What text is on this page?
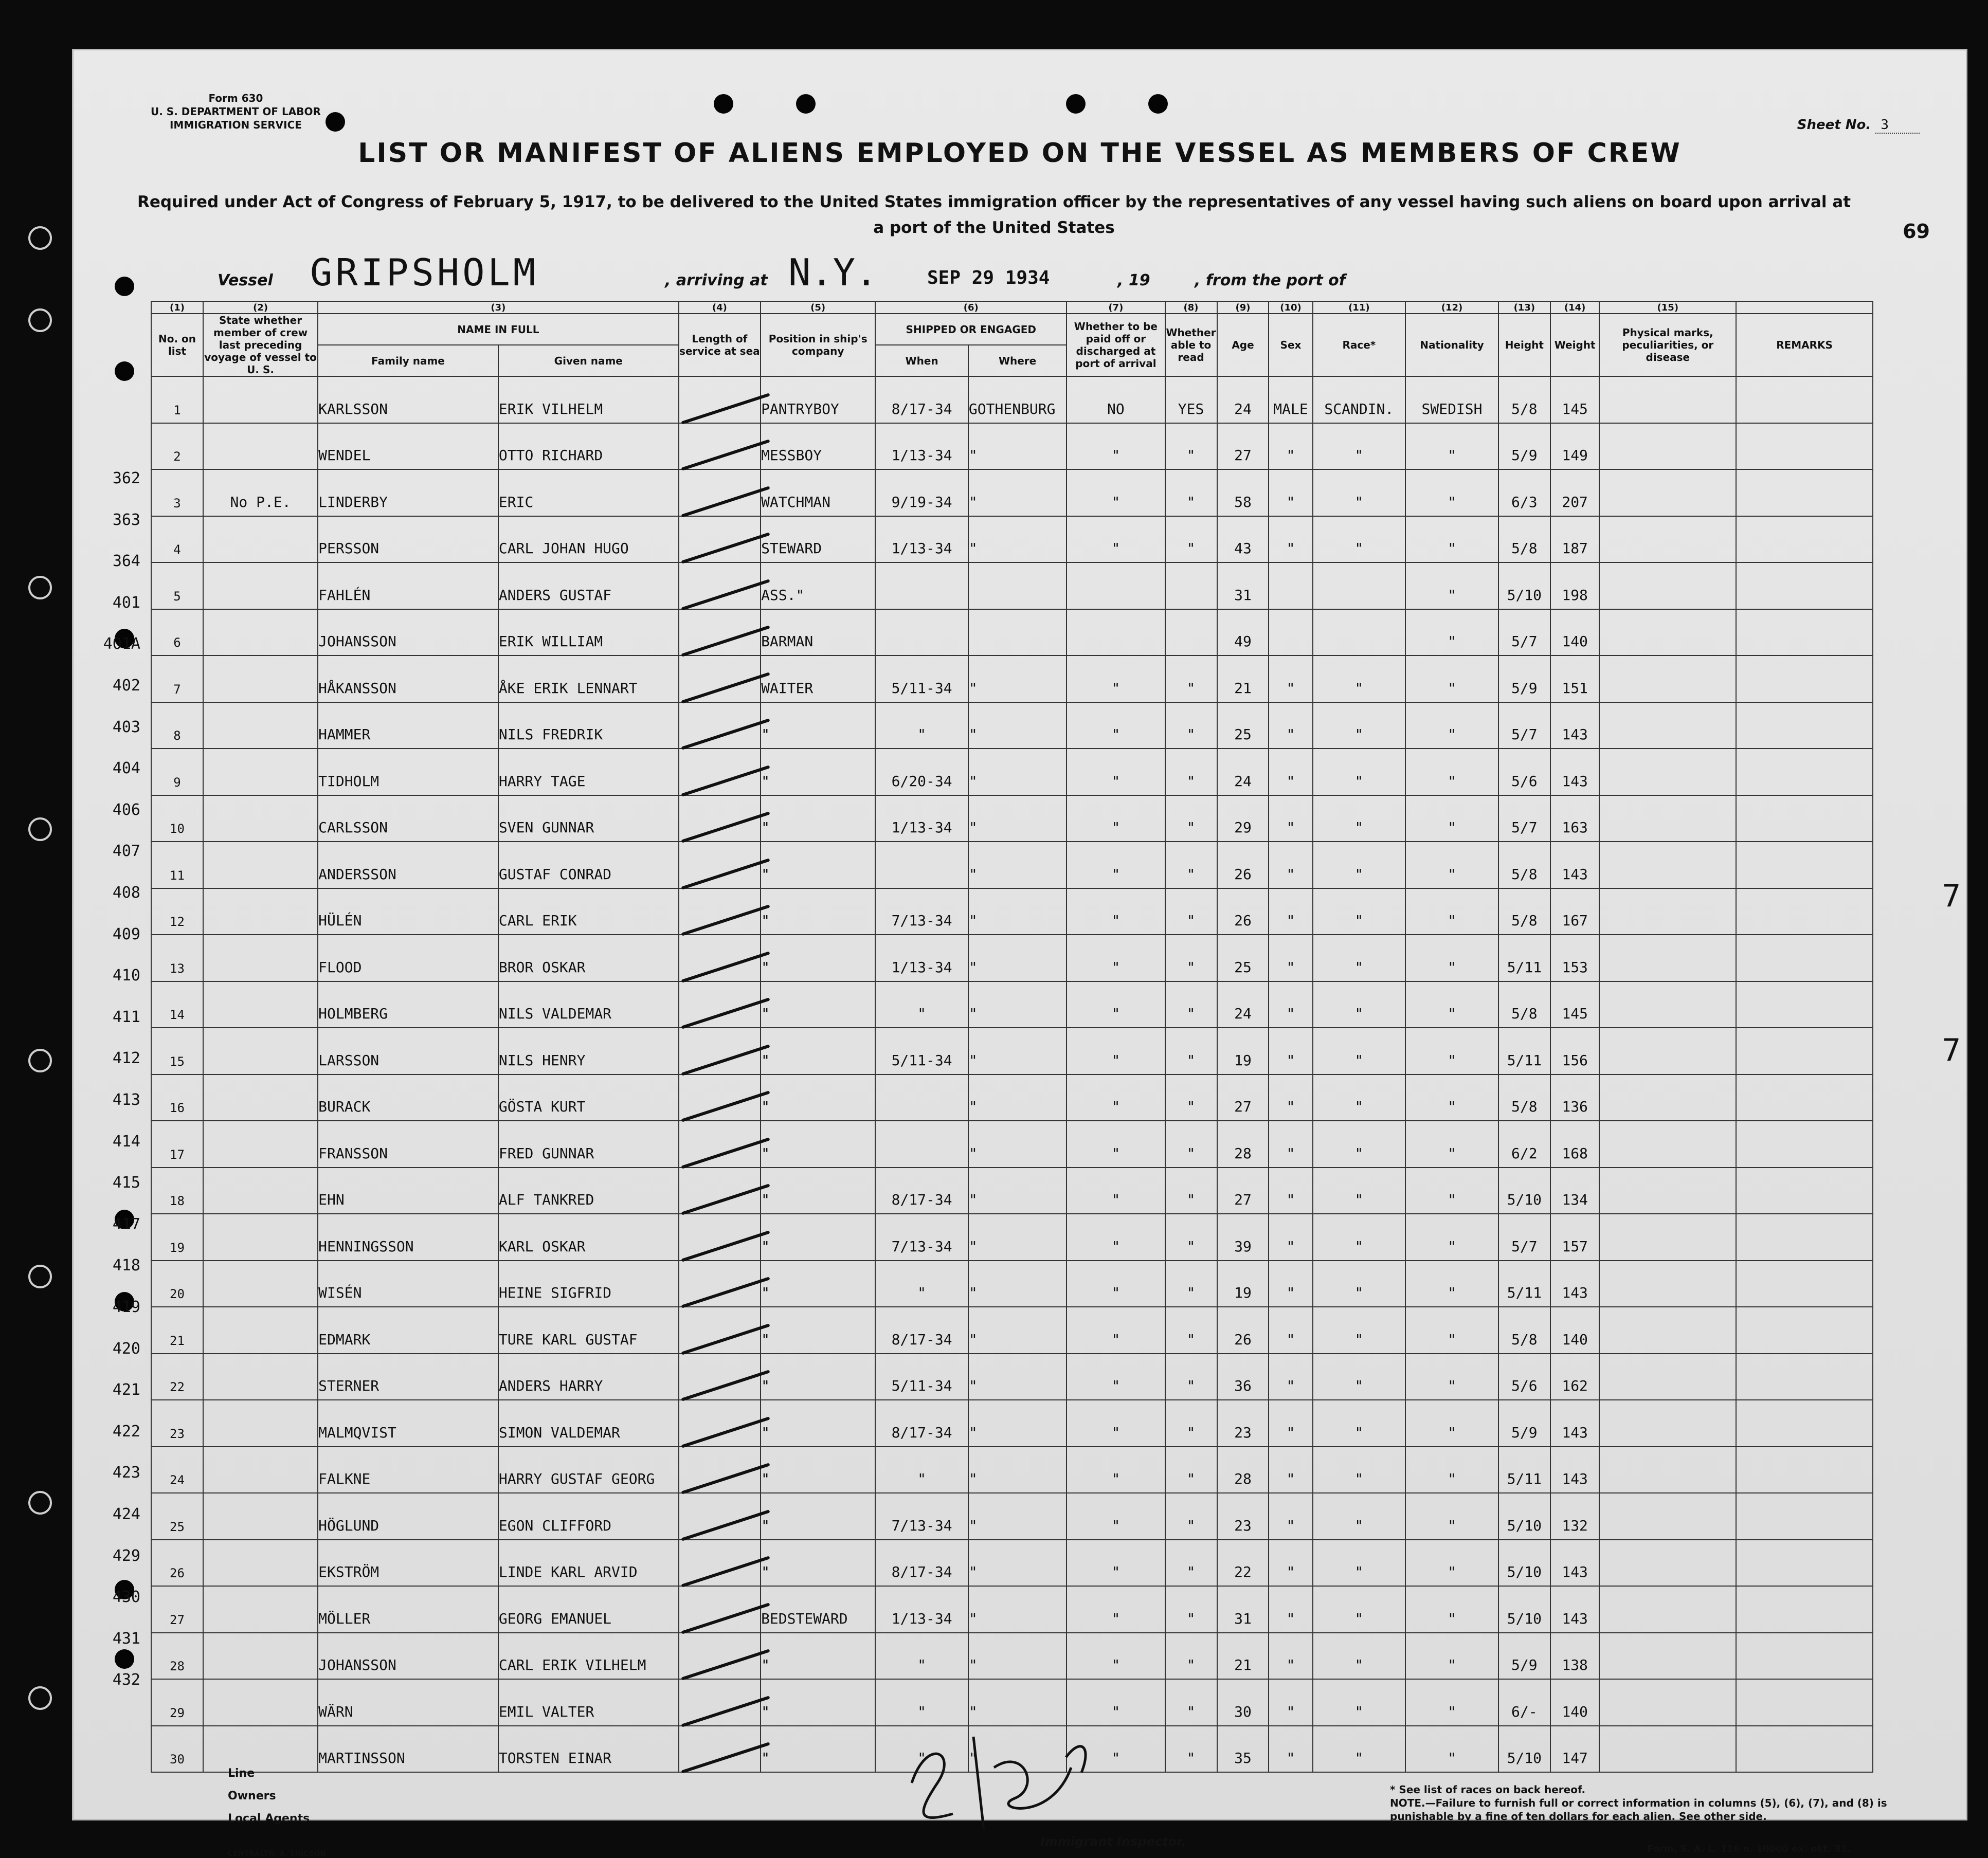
Form 630
U. S. DEPARTMENT OF LABOR
IMMIGRATION SERVICE	Sheet No. 3
LIST OR MANIFEST OF ALIENS EMPLOYED ON THE VESSEL AS MEMBERS OF CREW
Required under Act of Congress of February 5, 1917, to be delivered to the United States immigration officer by the representatives of any vessel having such aliens on board upon arrival at a port of the United States	69
Vessel GRIPSHOLM	, arriving at N.Y.	SEP 29 1934	, 19	, from the port of
362
363
364
401
401A
402
403
404
406
407
408
409
410
411
412
413
414
415
417
418
419
420
421
422
423
424
429
430
431
432
(1)	(2)	(3)		(4)	(5)	(6)		(7)	(8)	(9)	(10)	(11)	(12)	(13)	(14)	(15)	
No. on list	State whether member of crew last preceding voyage of vessel to U. S.	NAME IN FULL		Length of service at sea	Position in ship's company	SHIPPED OR ENGAGED		Whether to be paid off or discharged at port of arrival	Whether able to read	Age	Sex	Race*	Nationality	Height	Weight	Physical marks, peculiarities, or disease	REMARKS
		Family name	Given name			When	Where										
1		KARLSSON	ERIK VILHELM		PANTRYBOY	8/17-34	GOTHENBURG	NO	YES	24	MALE	SCANDIN.	SWEDISH	5/8	145		
2		WENDEL	OTTO RICHARD		MESSBOY	1/13-34	"	"	"	27	"	"	"	5/9	149		
3	No P.E.	LINDERBY	ERIC		WATCHMAN	9/19-34	"	"	"	58	"	"	"	6/3	207		
4		PERSSON	CARL JOHAN HUGO		STEWARD	1/13-34	"	"	"	43	"	"	"	5/8	187		
5		FAHLÉN	ANDERS GUSTAF		ASS."					31			"	5/10	198		
6		JOHANSSON	ERIK WILLIAM		BARMAN					49			"	5/7	140		
7		HÅKANSSON	ÅKE ERIK LENNART		WAITER	5/11-34	"	"	"	21	"	"	"	5/9	151		
8		HAMMER	NILS FREDRIK		"	"	"	"	"	25	"	"	"	5/7	143		
9		TIDHOLM	HARRY TAGE		"	6/20-34	"	"	"	24	"	"	"	5/6	143		
10		CARLSSON	SVEN GUNNAR		"	1/13-34	"	"	"	29	"	"	"	5/7	163		
11		ANDERSSON	GUSTAF CONRAD		"		"	"	"	26	"	"	"	5/8	143		
12		HÜLÉN	CARL ERIK		"	7/13-34	"	"	"	26	"	"	"	5/8	167		
13		FLOOD	BROR OSKAR		"	1/13-34	"	"	"	25	"	"	"	5/11	153		
14		HOLMBERG	NILS VALDEMAR		"	"	"	"	"	24	"	"	"	5/8	145		
15		LARSSON	NILS HENRY		"	5/11-34	"	"	"	19	"	"	"	5/11	156		
16		BURACK	GÖSTA KURT		"		"	"	"	27	"	"	"	5/8	136		
17		FRANSSON	FRED GUNNAR		"		"	"	"	28	"	"	"	6/2	168		
18		EHN	ALF TANKRED		"	8/17-34	"	"	"	27	"	"	"	5/10	134		
19		HENNINGSSON	KARL OSKAR		"	7/13-34	"	"	"	39	"	"	"	5/7	157		
20		WISÉN	HEINE SIGFRID		"	"	"	"	"	19	"	"	"	5/11	143		
21		EDMARK	TURE KARL GUSTAF		"	8/17-34	"	"	"	26	"	"	"	5/8	140		
22		STERNER	ANDERS HARRY		"	5/11-34	"	"	"	36	"	"	"	5/6	162		
23		MALMQVIST	SIMON VALDEMAR		"	8/17-34	"	"	"	23	"	"	"	5/9	143		
24		FALKNE	HARRY GUSTAF GEORG		"	"	"	"	"	28	"	"	"	5/11	143		
25		HÖGLUND	EGON CLIFFORD		"	7/13-34	"	"	"	23	"	"	"	5/10	132		
26		EKSTRÖM	LINDE KARL ARVID		"	8/17-34	"	"	"	22	"	"	"	5/10	143		
27		MÖLLER	GEORG EMANUEL		BEDSTEWARD	1/13-34	"	"	"	31	"	"	"	5/10	143		
28		JOHANSSON	CARL ERIK VILHELM		"	"	"	"	"	21	"	"	"	5/9	138		
29		WÄRN	EMIL VALTER		"	"	"	"	"	30	"	"	"	6/-	140		
30		MARTINSSON	TORSTEN EINAR		"	"	"	"	"	35	"	"	"	5/10	147		
7
7
Line
Owners
Local Agents
Immigrant Inspector.
* See list of races on back hereof.
NOTE.—Failure to furnish full or correct information in columns (5), (6), (7), and (8) is punishable by a fine of ten dollars for each alien. See other side.
Form. S. A. L. 116 n. 10000 ex. okt. 31.
CENTRALTR. A. ERICSON
